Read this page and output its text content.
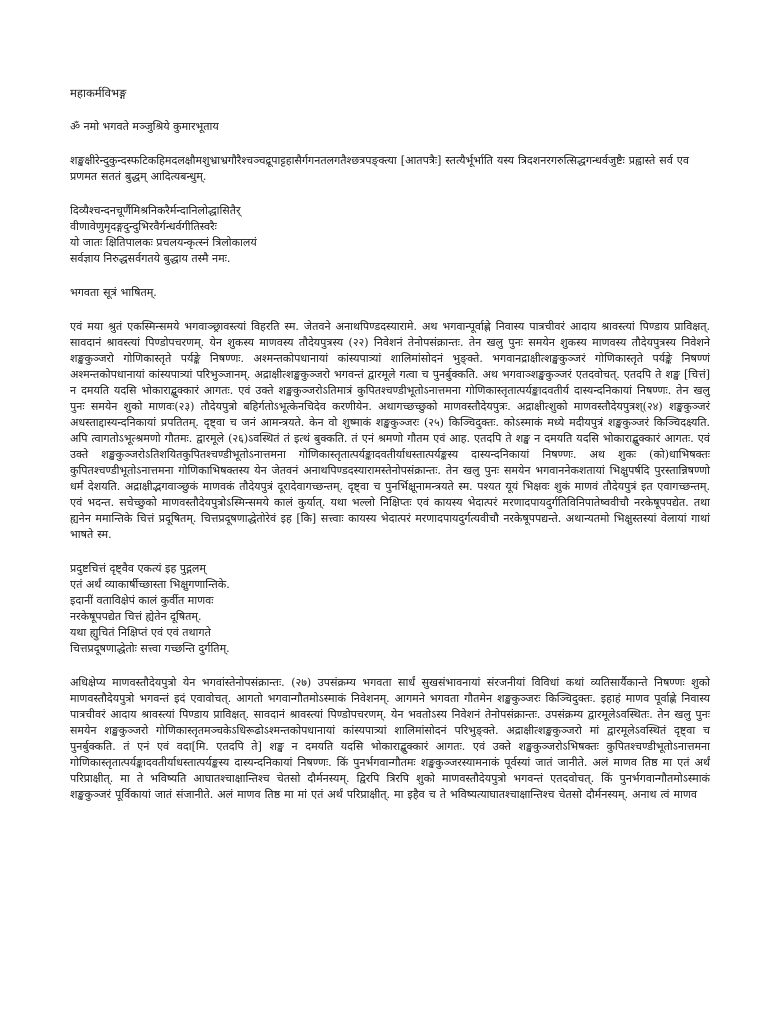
महाकर्मविभङ्ग
ॐ नमो भगवते मञ्जुश्रिये कुमारभूताय
शङ्खक्षीरेन्दुकुन्दस्फटिकहिमदलक्षौमशुभ्राभ्रगौरैश्चञ्चद्रूपाट्टहासैर्गगनतलगतैश्छत्रपङ्क्त्या [आतपत्रैः] स्तत्यैर्भूर्भाति यस्य त्रिदशनरगरुत्सिद्धगन्धर्वजुष्टैः प्रह्वास्ते सर्व एव प्रणमत सततं बुद्धम् आदित्यबन्धुम्.
दिव्यैश्चन्दनचूर्णैमिश्रनिकरैर्मन्दानिलोद्धासितैर्
वीणावेणुमृदङ्गदुन्दुभिरवैर्गन्धर्वगीतिस्वरैः
यो जातः क्षितिपालकः प्रचलयन्कृत्स्नं त्रिलोकालयं
सर्वज्ञाय निरुद्धसर्वगतये बुद्धाय तस्मै नमः.
भगवता सूत्रं भाषितम्.
एवं मया श्रुतं एकस्मिन्समये भगवाञ्छ्रावस्त्यां विहरति स्म. जेतवने अनाथपिण्डदस्यारामे. अथ भगवान्पूर्वाह्णे निवास्य पात्रचीवरं आदाय श्रावस्त्यां पिण्डाय प्राविक्षत्. सावदानं श्रावस्त्यां पिण्डोपचरणम्. येन शुकस्य माणवस्य तौदेयपुत्रस्य (२२) निवेशनं तेनोपसंक्रान्तः. तेन खलु पुनः समयेन शुकस्य माणवस्य तौदेयपुत्रस्य निवेशने शङ्खकुञ्जरो गोणिकास्तृते पर्यङ्के निषण्णः. अश्मन्तकोपधानायां कांस्यपात्र्यां शालिमांसोदनं भुङ्क्ते. भगवानद्राक्षीत्शङ्खकुञ्जरं गोणिकास्तृते पर्यङ्के निषण्णं अश्मन्तकोपधानायां कांस्यपात्र्यां परिभुञ्जानम्. अद्राक्षीत्शङ्खकुञ्जरो भगवन्तं द्वारमूले गत्वा च पुनर्बुक्कति. अथ भगवाञ्शङ्खकुञ्जरं एतदवोचत्. एतदपि ते शङ्ख [चित्तं] न दमयति यदसि भोकाराद्बुक्कारं आगतः. एवं उक्ते शङ्खकुञ्जरोऽतिमात्रं कुपितश्चण्डीभूतोऽनात्तमना गोणिकास्तृतात्पर्यङ्कादवतीर्य दास्यन्दनिकायां निषण्णः. तेन खलु पुनः समयेन शुको माणवः(२३) तौदेयपुत्रो बहिर्गतोऽभूत्केनचिदेव करणीयेन. अथागच्छच्छुको माणवस्तौदेयपुत्रः. अद्राक्षीत्शुको माणवस्तौदेयपुत्रश्(२४) शङ्खकुञ्जरं अधस्ताद्दास्यन्दनिकायां प्रपतितम्. दृष्ट्वा च जनं आमन्त्रयते. केन वो शुष्माकं शङ्खकुञ्जरः (२५) किञ्चिदुक्तः. कोऽस्माकं मध्ये मदीयपुत्रं शङ्खकुञ्जरं किञ्चिदक्ष्यति. अपि त्वागतोऽभूत्श्रमणो गौतमः. द्वारमूले (२६)ऽवस्थितं तं इत्थं बुक्कति. तं एनं श्रमणो गौतम एवं आह. एतदपि ते शङ्ख न दमयति यदसि भोकाराद्बुक्कारं आगतः. एवं उक्ते शङ्खकुञ्जरोऽतिशयितकुपितश्चण्डीभूतोऽनात्तमना गोणिकास्तृतात्पर्यङ्कादवतीर्याधस्तात्पर्यङ्कस्य दास्यन्दनिकायां निषण्णः. अथ शुकः (को)धाभिषक्तः कुपितश्चण्डीभूतोऽनात्तमना गोणिकाभिषक्तस्य येन जेतवनं अनाथपिण्डदस्यारामस्तेनोपसंक्रान्तः. तेन खलु पुनः समयेन भगवाननेकशतायां भिक्षुपर्षदि पुरस्तान्निषण्णो धर्मं देशयति. अद्राक्षीद्भगवाञ्छुकं माणवकं तौदेयपुत्रं दूरादेवागच्छन्तम्. दृष्ट्वा च पुनर्भिक्षूनामन्त्रयते स्म. पश्यत यूयं भिक्षवः शुकं माणवं तौदेयपुत्रं इत एवागच्छन्तम्. एवं भदन्त. सचेच्छुको माणवस्तौदेयपुत्रोऽस्मिन्समये कालं कुर्यात्. यथा भल्लो निक्षिप्तः एवं कायस्य भेदात्परं मरणादपायदुर्गतिविनिपातेष्ववीचौ नरकेषूपपद्येत. तथा ह्यनेन ममान्तिके चित्तं प्रदूषितम्. चित्तप्रदूषणाद्धेतोरेवं इह [कि] सत्त्वाः कायस्य भेदात्परं मरणादपायदुर्गत्यवीचौ नरकेषूपपद्यन्ते. अथान्यतमो भिक्षुस्तस्यां वेलायां गाथां भाषते स्म.
प्रदुष्टचित्तं दृष्ट्वैव एकत्यं इह पुद्गलम्
एतं अर्थं व्याकार्षीच्छास्ता भिक्षुगणान्तिके.
इदानीं वताविक्षेपं कालं कुर्वीत माणवः
नरकेषूपपद्येत चित्तं ह्येतेन दूषितम्.
यथा ह्युचितं निक्षिप्तं एवं एवं तथागते
चित्तप्रदूषणाद्धेतोः सत्त्वा गच्छन्ति दुर्गतिम्.
अधिक्षेप्य माणवस्तौदेयपुत्रो येन भगवांस्तेनोपसंक्रान्तः. (२७) उपसंक्रम्य भगवता सार्धं सुखसंभावनायां संरजनीयां विविधां कथां व्यतिसार्यैकान्ते निषण्णः शुको माणवस्तौदेयपुत्रो भगवन्तं इदं एवावोचत्. आगतो भगवान्गौतमोऽस्माकं निवेशनम्. आगमने भगवता गौतमेन शङ्खकुञ्जरः किञ्चिदुक्तः. इहाहं माणव पूर्वाह्णे निवास्य पात्रचीवरं आदाय श्रावस्त्यां पिण्डाय प्राविक्षत्. सावदानं श्रावस्त्यां पिण्डोपचरणम्. येन भवतोऽस्य निवेशनं तेनोपसंक्रान्तः. उपसंक्रम्य द्वारमूलेऽवस्थितः. तेन खलु पुनः समयेन शङ्खकुञ्जरो गोणिकास्तृतमञ्चकेऽधिरूढोऽश्मन्तकोपधानायां कांस्यपात्र्यां शालिमांसोदनं परिभुङ्क्ते. अद्राक्षीत्शङ्खकुञ्जरो मां द्वारमूलेऽवस्थितं दृष्ट्वा च पुनर्बुक्कति. तं एनं एवं वदा[मि. एतदपि ते] शङ्ख न दमयति यदसि भोकाराद्बुक्कारं आगतः. एवं उक्ते शङ्खकुञ्जरोऽभिषक्तः कुपितश्चण्डीभूतोऽनात्तमना गोणिकास्तृतात्पर्यङ्कादवतीर्याधस्तात्पर्यङ्कस्य दास्यन्दनिकायां निषण्णः. किं पुनर्भगवान्गौतमः शङ्खकुञ्जरस्यामनाकं पूर्वस्यां जातं जानीते. अलं माणव तिष्ठ मा एतं अर्थं परिप्राक्षीत्. मा ते भविष्यति आघातश्चाक्षान्तिश्च चेतसो दौर्मनस्यम्. द्विरपि त्रिरपि शुको माणवस्तौदेयपुत्रो भगवन्तं एतदवोचत्. किं पुनर्भगवान्गौतमोऽस्माकं शङ्खकुञ्जरं पूर्विकायां जातं संजानीते. अलं माणव तिष्ठ मा मां एतं अर्थं परिप्राक्षीत्. मा इहैव च ते भविष्यत्याघातश्चाक्षान्तिश्च चेतसो दौर्मनस्यम्. अनाथ त्वं माणव
